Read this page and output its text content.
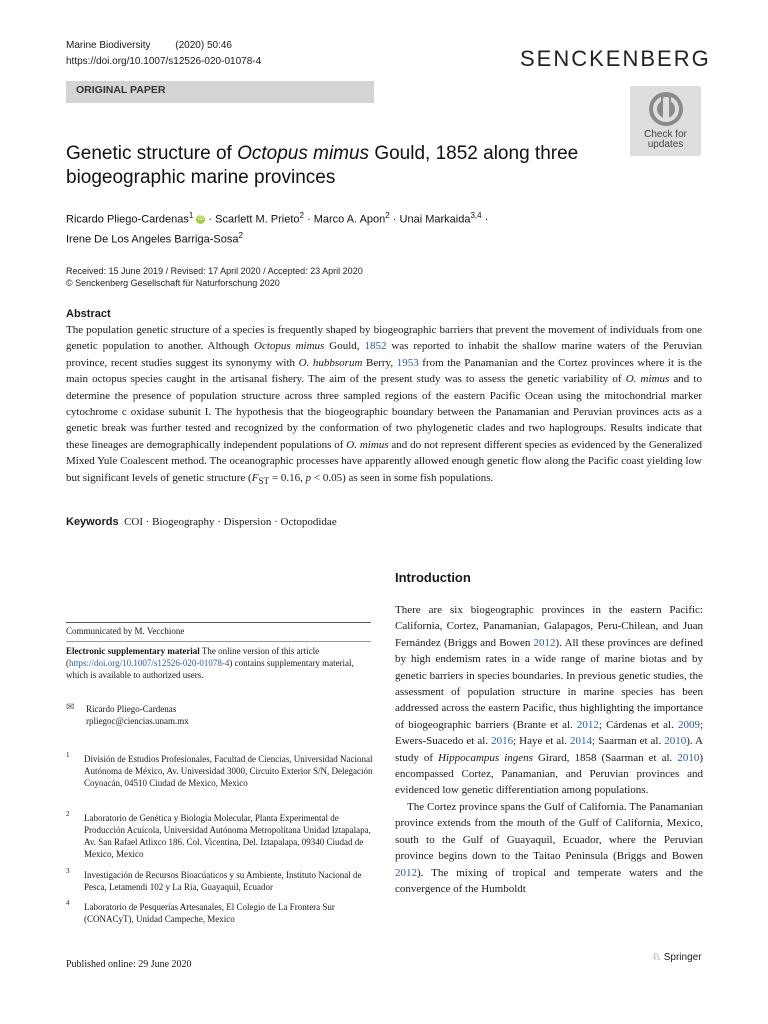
Marine Biodiversity (2020) 50:46
https://doi.org/10.1007/s12526-020-01078-4	SENCKENBERG
ORIGINAL PAPER
Check for
updates
Genetic structure of Octopus mimus Gould, 1852 along three biogeographic marine provinces
Ricardo Pliego-Cardenas$^1$ iD · Scarlett M. Prieto$^2$ · Marco A. Apon$^2$ · Unai Markaida$^{3,4}$ ·
Irene De Los Angeles Barriga-Sosa$^2$
Received: 15 June 2019 / Revised: 17 April 2020 / Accepted: 23 April 2020
© Senckenberg Gesellschaft für Naturforschung 2020
Abstract
The population genetic structure of a species is frequently shaped by biogeographic barriers that prevent the movement of individuals from one genetic population to another. Although Octopus mimus Gould, 1852 was reported to inhabit the shallow marine waters of the Peruvian province, recent studies suggest its synonymy with O. hubbsorum Berry, 1953 from the Panamanian and the Cortez provinces where it is the main octopus species caught in the artisanal fishery. The aim of the present study was to assess the genetic variability of O. mimus and to determine the presence of population structure across three sampled regions of the eastern Pacific Ocean using the mitochondrial marker cytochrome c oxidase subunit I. The hypothesis that the biogeographic boundary between the Panamanian and Peruvian provinces acts as a genetic break was further tested and recognized by the conformation of two phylogenetic clades and two haplogroups. Results indicate that these lineages are demographically independent populations of O. mimus and do not represent different species as evidenced by the Generalized Mixed Yule Coalescent method. The oceanographic processes have apparently allowed enough genetic flow along the Pacific coast yielding low but significant levels of genetic structure ($F_{ST} = 0.16$, p < 0.05) as seen in some fish populations.
Keywords COI · Biogeography · Dispersion · Octopodidae
Communicated by M. Vecchione
Electronic supplementary material The online version of this article (https://doi.org/10.1007/s12526-020-01078-4) contains supplementary material, which is available to authorized users.
✉ Ricardo Pliego-Cardenas
rpliegoc@ciencias.unam.mx
1 División de Estudios Profesionales, Facultad de Ciencias, Universidad Nacional Autónoma de México, Av. Universidad 3000, Circuito Exterior S/N, Delegación Coyoacán, 04510 Ciudad de Mexico, Mexico
2 Laboratorio de Genética y Biología Molecular, Planta Experimental de Producción Acuícola, Universidad Autónoma Metropolitana Unidad Iztapalapa, Av. San Rafael Atlixco 186. Col. Vicentina, Del. Iztapalapa, 09340 Ciudad de Mexico, Mexico
3 Investigación de Recursos Bioacúaticos y su Ambiente, Instituto Nacional de Pesca, Letamendi 102 y La Ría, Guayaquil, Ecuador
4 Laboratorio de Pesquerías Artesanales, El Colegio de La Frontera Sur (CONACyT), Unidad Campeche, Mexico
Published online: 29 June 2020
Introduction

There are six biogeographic provinces in the eastern Pacific: California, Cortez, Panamanian, Galapagos, Peru-Chilean, and Juan Fernández (Briggs and Bowen 2012). All these provinces are defined by high endemism rates in a wide range of marine biotas and by genetic barriers in species boundaries. In previous genetic studies, the assessment of population structure in marine species has been addressed across the eastern Pacific, thus highlighting the importance of biogeographic barriers (Brante et al. 2012; Cárdenas et al. 2009; Ewers-Suacedo et al. 2016; Haye et al. 2014; Saarman et al. 2010). A study of Hippocampus ingens Girard, 1858 (Saarman et al. 2010) encompassed Cortez, Panamanian, and Peruvian provinces and evidenced low genetic differentiation among populations.

The Cortez province spans the Gulf of California. The Panamanian province extends from the mouth of the Gulf of California, Mexico, south to the Gulf of Guayaquil, Ecuador, where the Peruvian province begins down to the Taitao Peninsula (Briggs and Bowen 2012). The mixing of tropical and temperate waters and the convergence of the Humboldt

♘ Springer
